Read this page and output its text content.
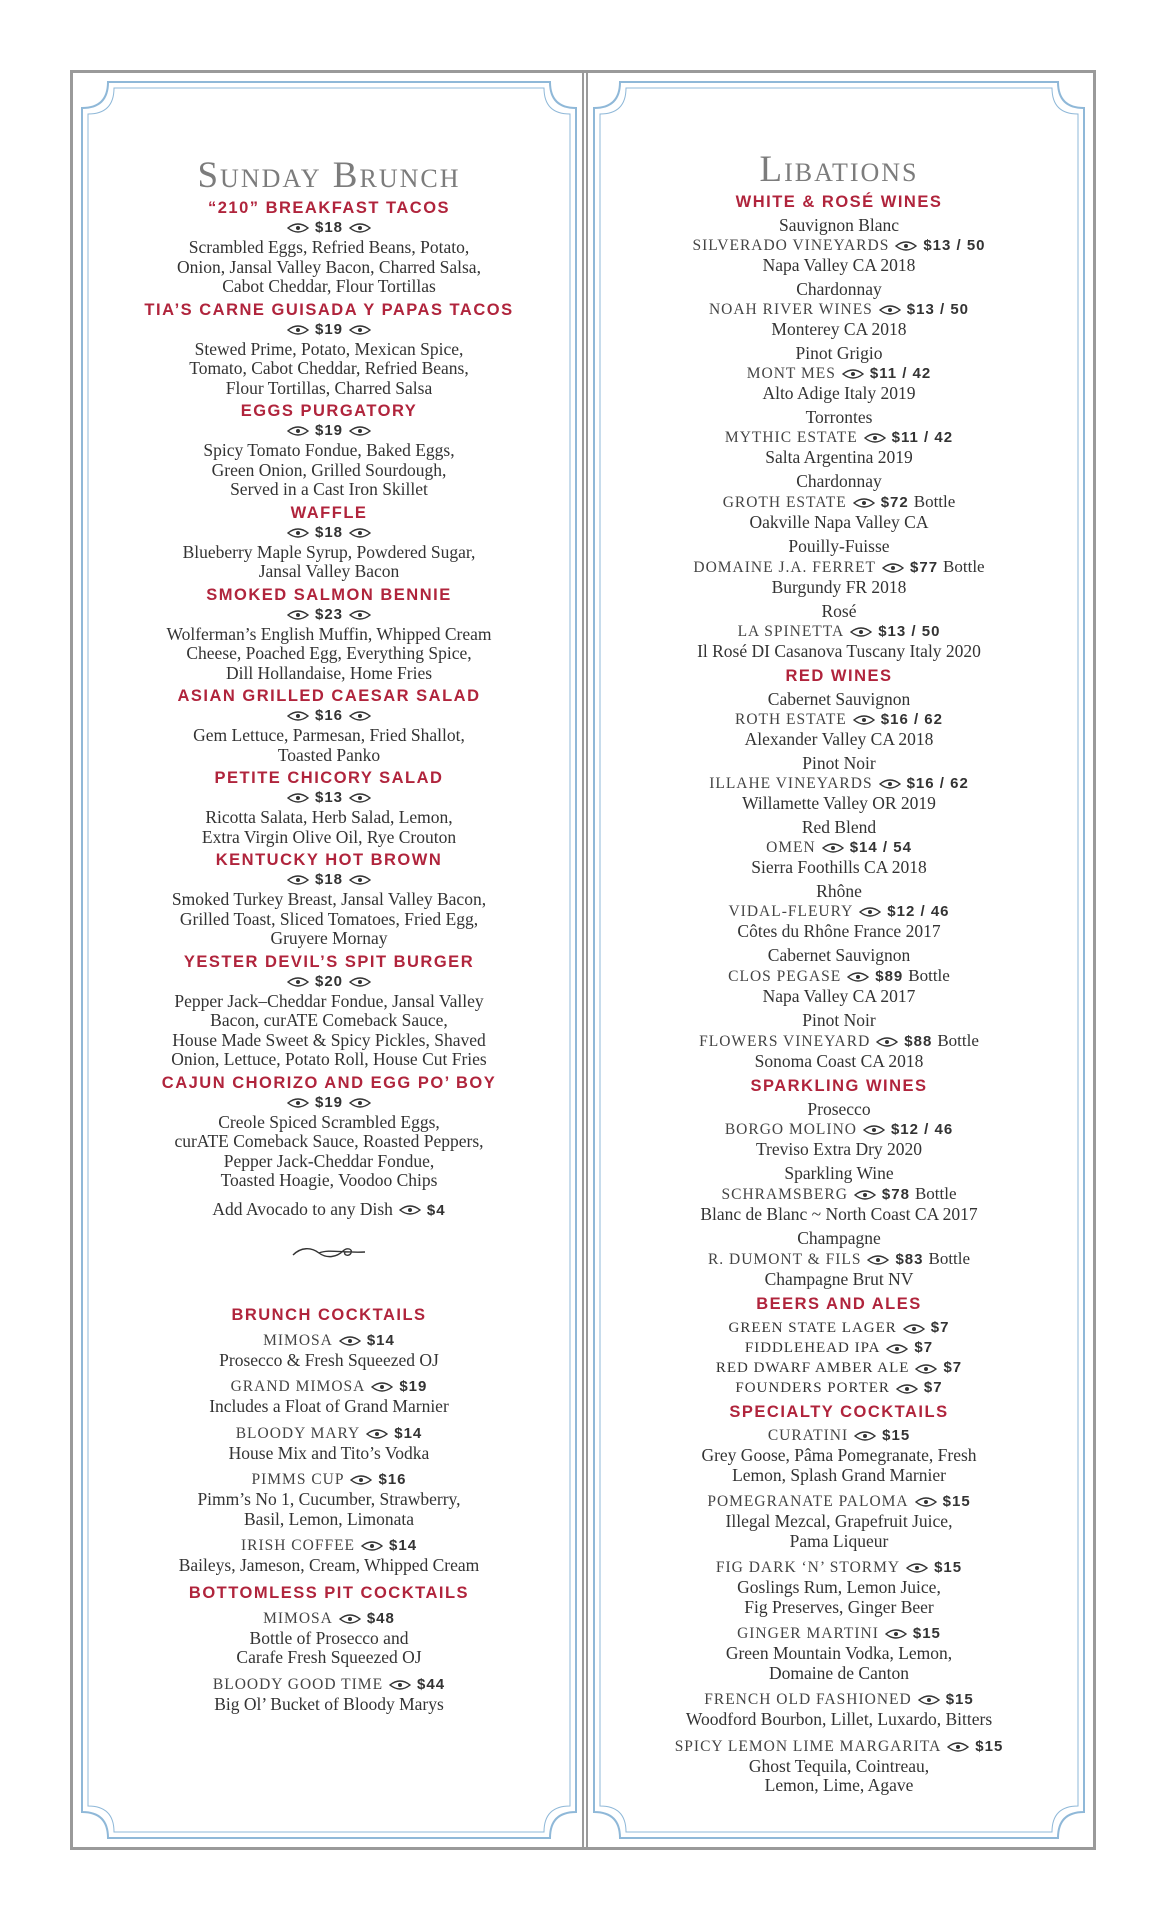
Sunday Brunch
“210” BREAKFAST TACOS
$18
Scrambled Eggs, Refried Beans, Potato,
Onion, Jansal Valley Bacon, Charred Salsa,
Cabot Cheddar, Flour Tortillas
TIA’S CARNE GUISADA Y PAPAS TACOS
$19
Stewed Prime, Potato, Mexican Spice,
Tomato, Cabot Cheddar, Refried Beans,
Flour Tortillas, Charred Salsa
EGGS PURGATORY
$19
Spicy Tomato Fondue, Baked Eggs,
Green Onion, Grilled Sourdough,
Served in a Cast Iron Skillet
WAFFLE
$18
Blueberry Maple Syrup, Powdered Sugar,
Jansal Valley Bacon
SMOKED SALMON BENNIE
$23
Wolferman’s English Muffin, Whipped Cream
Cheese, Poached Egg, Everything Spice,
Dill Hollandaise, Home Fries
ASIAN GRILLED CAESAR SALAD
$16
Gem Lettuce, Parmesan, Fried Shallot,
Toasted Panko
PETITE CHICORY SALAD
$13
Ricotta Salata, Herb Salad, Lemon,
Extra Virgin Olive Oil, Rye Crouton
KENTUCKY HOT BROWN
$18
Smoked Turkey Breast, Jansal Valley Bacon,
Grilled Toast, Sliced Tomatoes, Fried Egg,
Gruyere Mornay
YESTER DEVIL’S SPIT BURGER
$20
Pepper Jack–Cheddar Fondue, Jansal Valley
Bacon, curATE Comeback Sauce,
House Made Sweet & Spicy Pickles, Shaved
Onion, Lettuce, Potato Roll, House Cut Fries
CAJUN CHORIZO AND EGG PO’ BOY
$19
Creole Spiced Scrambled Eggs,
curATE Comeback Sauce, Roasted Peppers,
Pepper Jack-Cheddar Fondue,
Toasted Hoagie, Voodoo Chips
Add Avocado to any Dish $4
BRUNCH COCKTAILS
MIMOSA $14
Prosecco & Fresh Squeezed OJ
GRAND MIMOSA $19
Includes a Float of Grand Marnier
BLOODY MARY $14
House Mix and Tito’s Vodka
PIMMS CUP $16
Pimm’s No 1, Cucumber, Strawberry,
Basil, Lemon, Limonata
IRISH COFFEE $14
Baileys, Jameson, Cream, Whipped Cream
BOTTOMLESS PIT COCKTAILS
MIMOSA $48
Bottle of Prosecco and
Carafe Fresh Squeezed OJ
BLOODY GOOD TIME $44
Big Ol’ Bucket of Bloody Marys
Libations
WHITE & ROSÉ WINES
Sauvignon Blanc
SILVERADO VINEYARDS $13 / 50
Napa Valley CA 2018
Chardonnay
NOAH RIVER WINES $13 / 50
Monterey CA 2018
Pinot Grigio
MONT MES $11 / 42
Alto Adige Italy 2019
Torrontes
MYTHIC ESTATE $11 / 42
Salta Argentina 2019
Chardonnay
GROTH ESTATE $72 Bottle
Oakville Napa Valley CA
Pouilly-Fuisse
DOMAINE J.A. FERRET $77 Bottle
Burgundy FR 2018
Rosé
LA SPINETTA $13 / 50
Il Rosé DI Casanova Tuscany Italy 2020
RED WINES
Cabernet Sauvignon
ROTH ESTATE $16 / 62
Alexander Valley CA 2018
Pinot Noir
ILLAHE VINEYARDS $16 / 62
Willamette Valley OR 2019
Red Blend
OMEN $14 / 54
Sierra Foothills CA 2018
Rhône
VIDAL-FLEURY $12 / 46
Côtes du Rhône France 2017
Cabernet Sauvignon
CLOS PEGASE $89 Bottle
Napa Valley CA 2017
Pinot Noir
FLOWERS VINEYARD $88 Bottle
Sonoma Coast CA 2018
SPARKLING WINES
Prosecco
BORGO MOLINO $12 / 46
Treviso Extra Dry 2020
Sparkling Wine
SCHRAMSBERG $78 Bottle
Blanc de Blanc ~ North Coast CA 2017
Champagne
R. DUMONT & FILS $83 Bottle
Champagne Brut NV
BEERS AND ALES
GREEN STATE LAGER $7
FIDDLEHEAD IPA $7
RED DWARF AMBER ALE $7
FOUNDERS PORTER $7
SPECIALTY COCKTAILS
CURATINI $15
Grey Goose, Pâma Pomegranate, Fresh
Lemon, Splash Grand Marnier
POMEGRANATE PALOMA $15
Illegal Mezcal, Grapefruit Juice,
Pama Liqueur
FIG DARK ‘N’ STORMY $15
Goslings Rum, Lemon Juice,
Fig Preserves, Ginger Beer
GINGER MARTINI $15
Green Mountain Vodka, Lemon,
Domaine de Canton
FRENCH OLD FASHIONED $15
Woodford Bourbon, Lillet, Luxardo, Bitters
SPICY LEMON LIME MARGARITA $15
Ghost Tequila, Cointreau,
Lemon, Lime, Agave
